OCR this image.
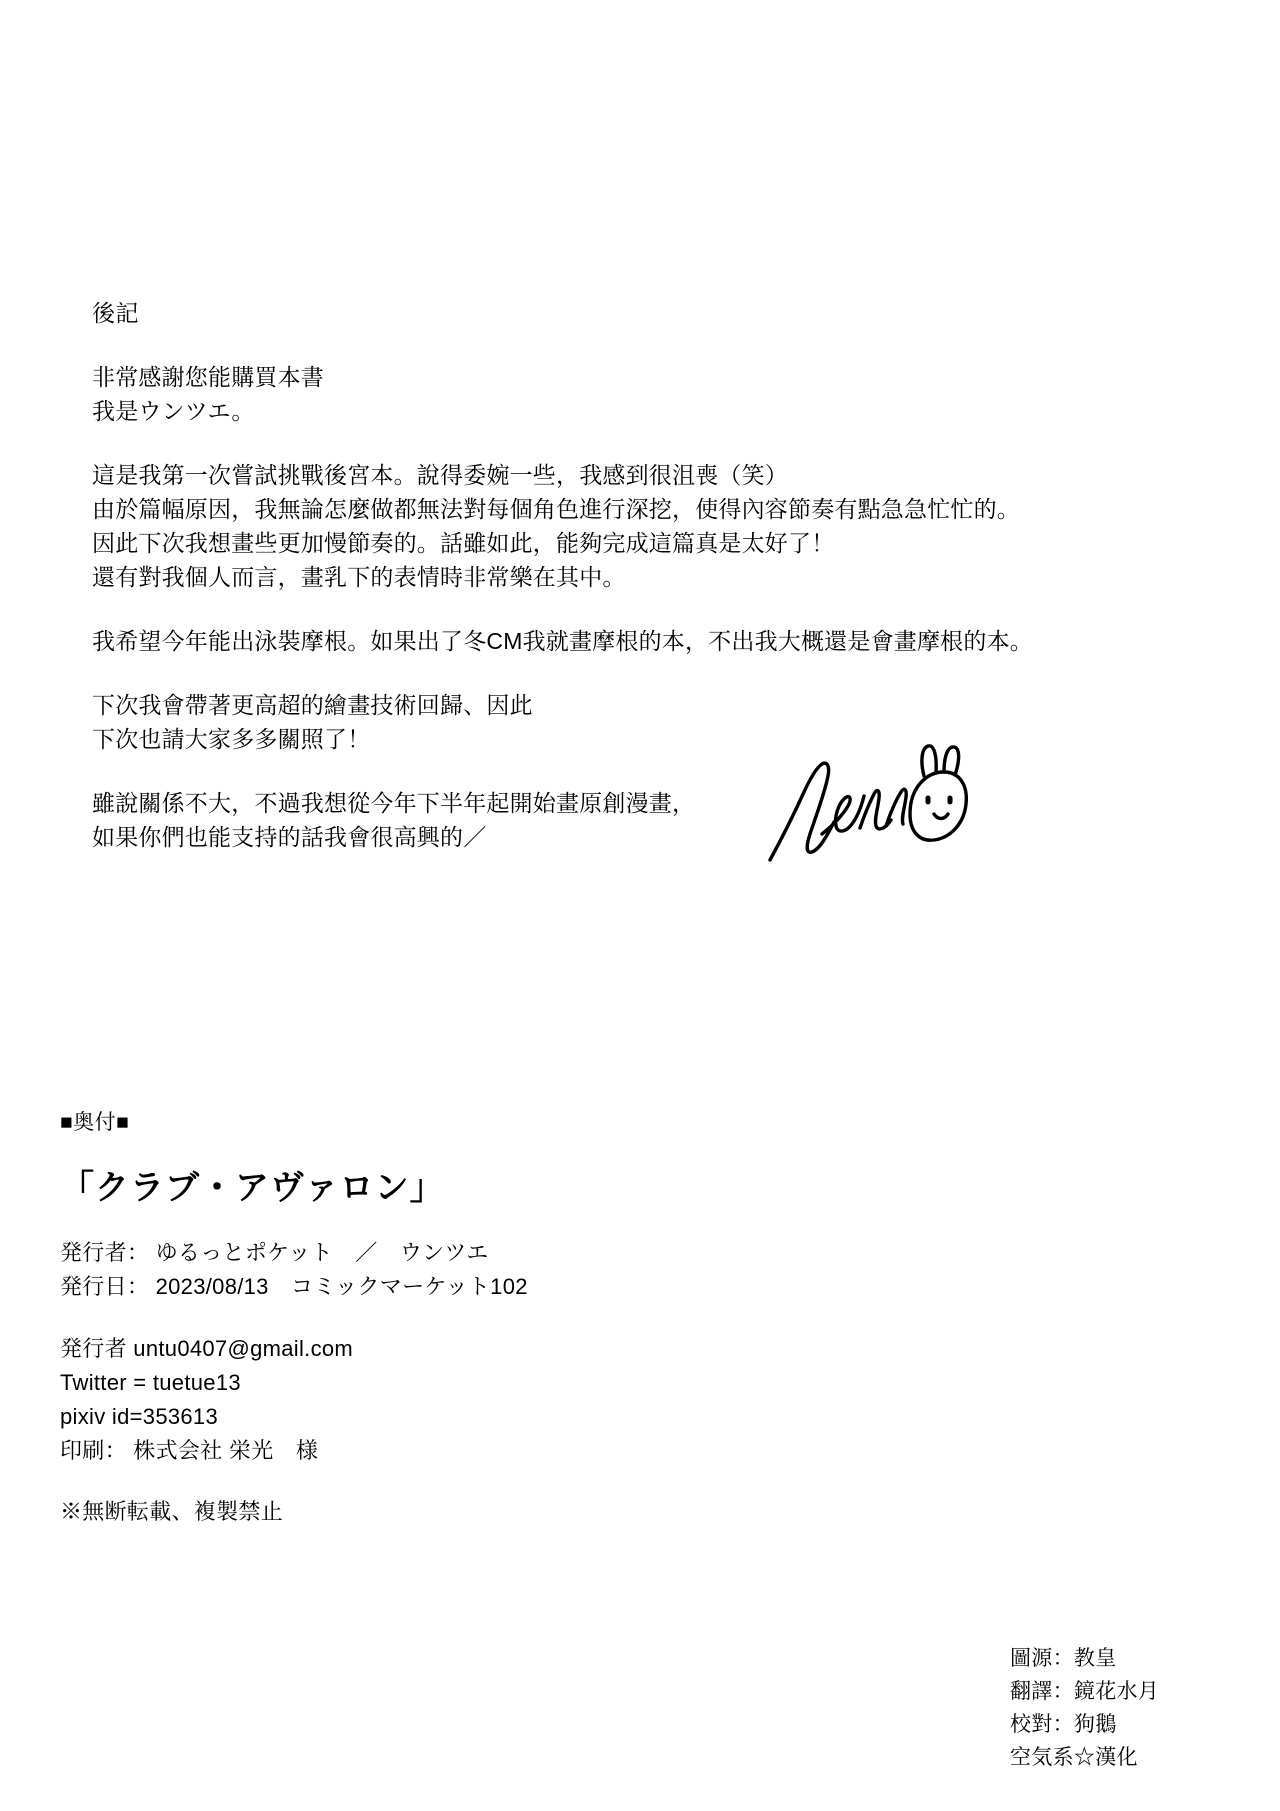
後記

非常感謝您能購買本書
我是ウンツエ。

這是我第一次嘗試挑戰後宮本。說得委婉一些，我感到很沮喪（笑）
由於篇幅原因，我無論怎麼做都無法對每個角色進行深挖，使得內容節奏有點急急忙忙的。
因此下次我想畫些更加慢節奏的。話雖如此，能夠完成這篇真是太好了！
還有對我個人而言，畫乳下的表情時非常樂在其中。

我希望今年能出泳裝摩根。如果出了冬CM我就畫摩根的本，不出我大概還是會畫摩根的本。

下次我會帶著更高超的繪畫技術回歸、因此
下次也請大家多多關照了！

雖說關係不大，不過我想從今年下半年起開始畫原創漫畫，
如果你們也能支持的話我會很高興的／

■奥付■
「クラブ・アヴァロン」
発行者： ゆるっとポケット　／　ウンツエ
発行日： 2023/08/13　コミックマーケット102
発行者 untu0407@gmail.com
Twitter = tuetue13
pixiv id=353613
印刷： 株式会社 栄光　様
※無断転載、複製禁止
圖源：教皇
翻譯：鏡花水月
校對：狗鵝
空気系☆漢化
